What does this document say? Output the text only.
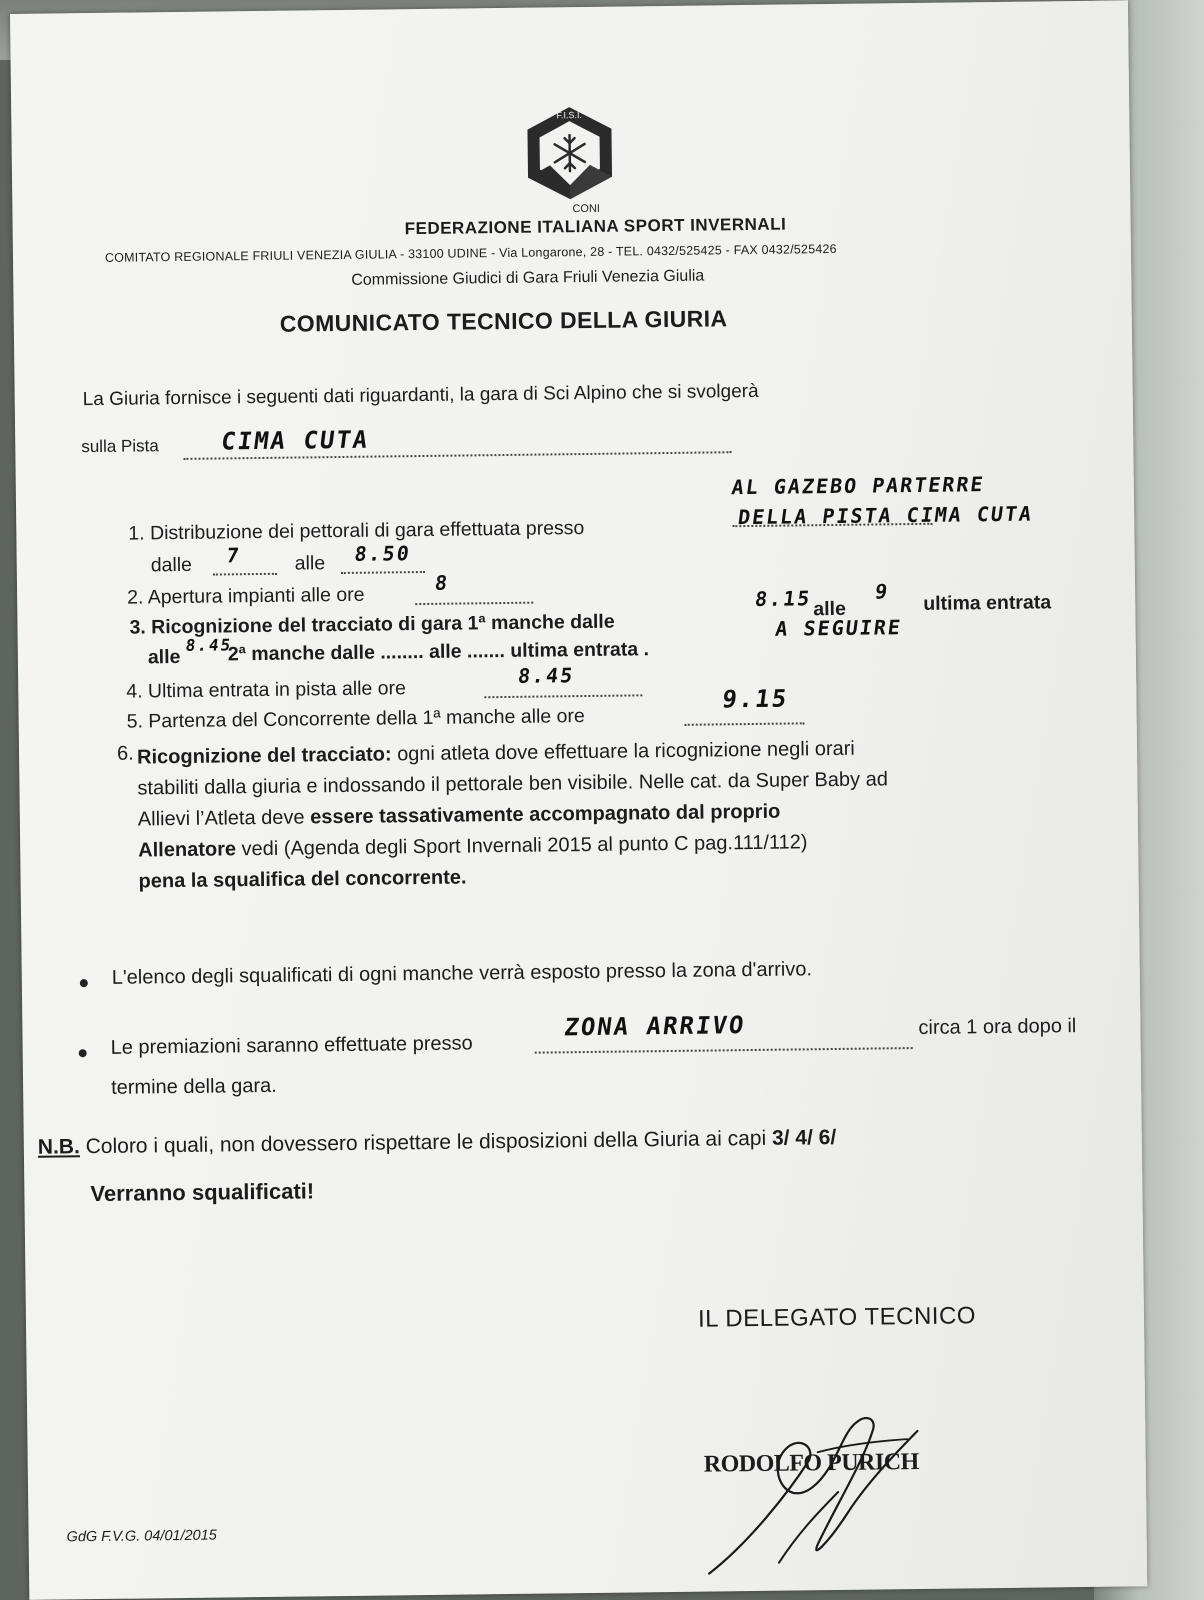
F.I.S.I.
CONI
FEDERAZIONE ITALIANA SPORT INVERNALI
COMITATO REGIONALE FRIULI VENEZIA GIULIA - 33100 UDINE - Via Longarone, 28 - TEL. 0432/525425 - FAX 0432/525426
Commissione Giudici di Gara Friuli Venezia Giulia
COMUNICATO TECNICO DELLA GIURIA
La Giuria fornisce i seguenti dati riguardanti, la gara di Sci Alpino che si svolgerà
sulla Pista	CIMA CUTA
1. Distribuzione dei pettorali di gara effettuata presso
AL GAZEBO PARTERRE
DELLA PISTA CIMA CUTA
dalle 7	alle 8.50
2. Apertura impianti alle ore
8
3. Ricognizione del tracciato di gara 1ª manche dalle
8.15 alle
9 ultima entrata
alle
8.45
2ª manche dalle ........ alle ....... ultima entrata .
A SEGUIRE
4. Ultima entrata in pista alle ore
8.45
5. Partenza del Concorrente della 1ª manche alle ore
9.15
6. Ricognizione del tracciato: ogni atleta dove effettuare la ricognizione negli orari
stabiliti dalla giuria e indossando il pettorale ben visibile. Nelle cat. da Super Baby ad
Allievi l’Atleta deve essere tassativamente accompagnato dal proprio
Allenatore vedi (Agenda degli Sport Invernali 2015 al punto C pag.111/112)
pena la squalifica del concorrente.
L'elenco degli squalificati di ogni manche verrà esposto presso la zona d'arrivo.
Le premiazioni saranno effettuate presso
ZONA ARRIVO	circa 1 ora dopo il
termine della gara.
N.B. Coloro i quali, non dovessero rispettare le disposizioni della Giuria ai capi 3/ 4/ 6/
Verranno squalificati!
IL DELEGATO TECNICO
RODOLFO PURICH
GdG F.V.G. 04/01/2015
